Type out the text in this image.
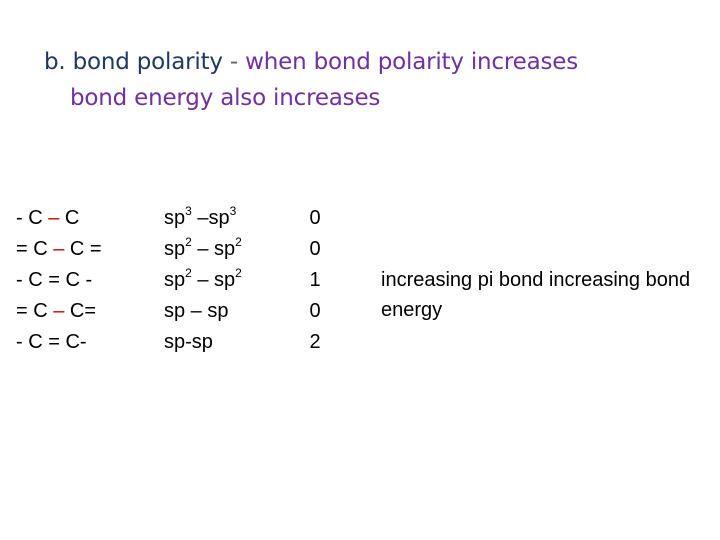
b. bond polarity - when bond polarity increases
bond energy also increases
- C – C
= C – C =
- C = C -
= C – C=
- C = C-
$sp^3$ $-sp^3$
$sp^2 - sp^2$
$sp^2 - sp^2$
sp – sp
sp-sp
0
0
1
0
2
increasing pi bond increasing bond energy
